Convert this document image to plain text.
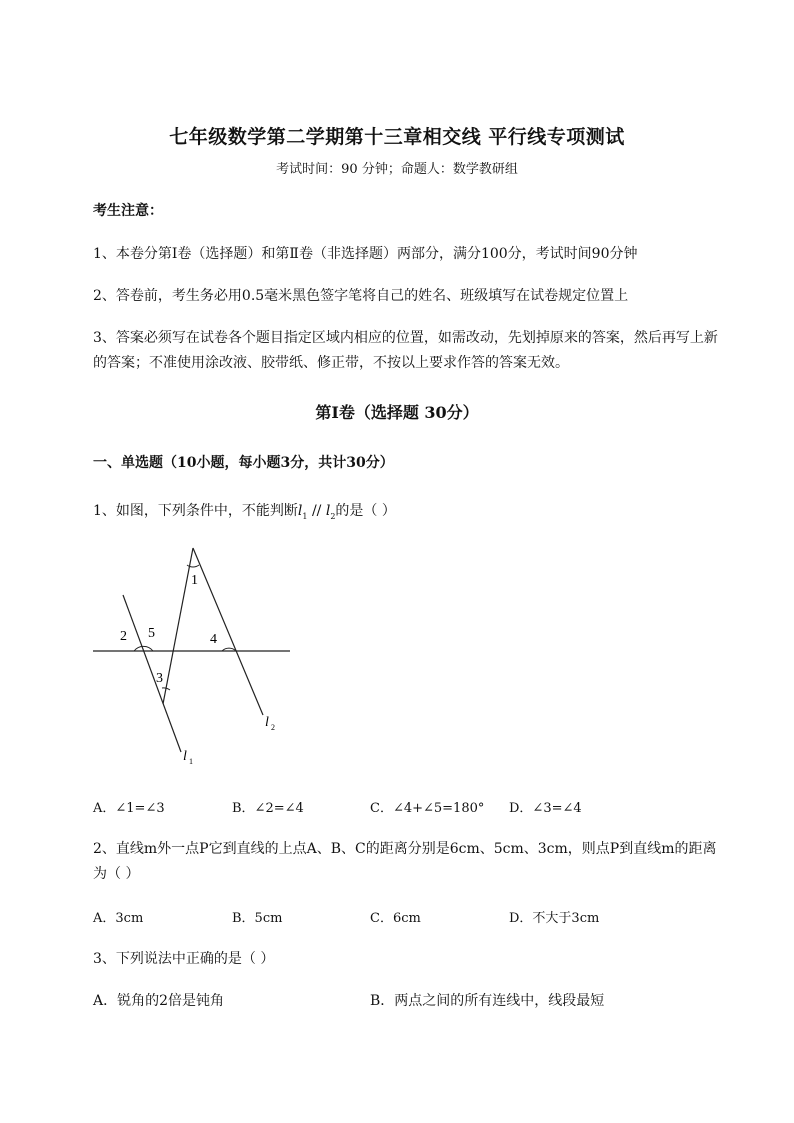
七年级数学第二学期第十三章相交线 平行线专项测试
考试时间：90 分钟；命题人：数学教研组
考生注意：
1、本卷分第Ⅰ卷（选择题）和第Ⅱ卷（非选择题）两部分，满分100分，考试时间90分钟
2、答卷前，考生务必用0.5毫米黑色签字笔将自己的姓名、班级填写在试卷规定位置上
3、答案必须写在试卷各个题目指定区域内相应的位置，如需改动，先划掉原来的答案，然后再写上新
的答案；不准使用涂改液、胶带纸、修正带，不按以上要求作答的答案无效。
第Ⅰ卷（选择题 30分）
一、单选题（10小题，每小题3分，共计30分）
1、如图，下列条件中，不能判断$l_1 // l_2$的是（ ）
1
2 5
3
4
l 1
l 2
A．∠1=∠3	B．∠2=∠4	C．∠4+∠5=180° D．∠3=∠4
2、直线m外一点P它到直线的上点A、B、C的距离分别是6cm、5cm、3cm，则点P到直线m的距离
为（ ）
A．3cm	B．5cm	C．6cm	D．不大于3cm
3、下列说法中正确的是（ ）
A．锐角的2倍是钝角	B．两点之间的所有连线中，线段最短
